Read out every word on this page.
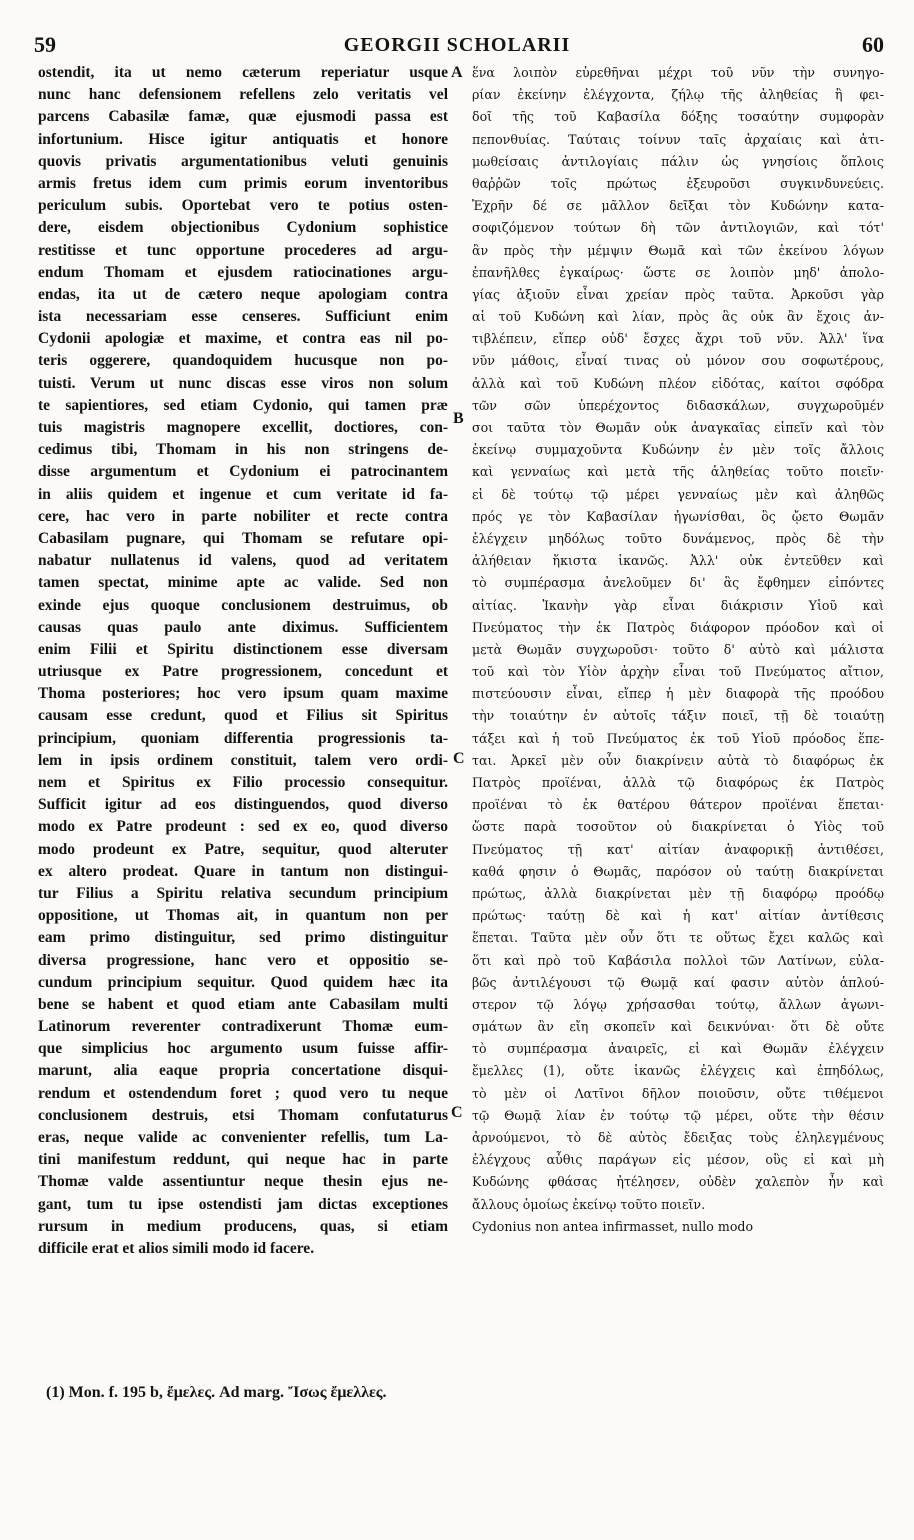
59	GEORGII SCHOLARII	60
ostendit, ita ut nemo cæterum reperiatur usque
nunc hanc defensionem refellens zelo veritatis vel
parcens Cabasilæ famæ, quæ ejusmodi passa est
infortunium. Hisce igitur antiquatis et honore
quovis privatis argumentationibus veluti genuinis
armis fretus idem cum primis eorum inventoribus
periculum subis. Oportebat vero te potius osten-
dere, eisdem objectionibus Cydonium sophistice
restitisse et tunc opportune procederes ad argu-
endum Thomam et ejusdem ratiocinationes argu-
endas, ita ut de cætero neque apologiam contra
ista necessariam esse censeres. Sufficiunt enim
Cydonii apologiæ et maxime, et contra eas nil po-
teris oggerere, quandoquidem hucusque non po-
tuisti. Verum ut nunc discas esse viros non solum
te sapientiores, sed etiam Cydonio, qui tamen præ
tuis magistris magnopere excellit, doctiores, con-
cedimus tibi, Thomam in his non stringens de-
disse argumentum et Cydonium ei patrocinantem
in aliis quidem et ingenue et cum veritate id fa-
cere, hac vero in parte nobiliter et recte contra
Cabasilam pugnare, qui Thomam se refutare opi-
nabatur nullatenus id valens, quod ad veritatem
tamen spectat, minime apte ac valide. Sed non
exinde ejus quoque conclusionem destruimus, ob
causas quas paulo ante diximus. Sufficientem
enim Filii et Spiritu distinctionem esse diversam
utriusque ex Patre progressionem, concedunt et
Thoma posteriores; hoc vero ipsum quam maxime
causam esse credunt, quod et Filius sit Spiritus
principium, quoniam differentia progressionis ta-
lem in ipsis ordinem constituit, talem vero ordi-
nem et Spiritus ex Filio processio consequitur.
Sufficit igitur ad eos distinguendos, quod diverso
modo ex Patre prodeunt : sed ex eo, quod diverso
modo prodeunt ex Patre, sequitur, quod alteruter
ex altero prodeat. Quare in tantum non distingui-
tur Filius a Spiritu relativa secundum principium
oppositione, ut Thomas ait, in quantum non per
eam primo distinguitur, sed primo distinguitur
diversa progressione, hanc vero et oppositio se-
cundum principium sequitur. Quod quidem hæc ita
bene se habent et quod etiam ante Cabasilam multi
Latinorum reverenter contradixerunt Thomæ eum-
que simplicius hoc argumento usum fuisse affir-
marunt, alia eaque propria concertatione disqui-
rendum et ostendendum foret ; quod vero tu neque
conclusionem destruis, etsi Thomam confutaturus
eras, neque valide ac convenienter refellis, tum La-
tini manifestum reddunt, qui neque hac in parte
Thomæ valde assentiuntur neque thesin ejus ne-
gant, tum tu ipse ostendisti jam dictas exceptiones
rursum in medium producens, quas, si etiam
difficile erat et alios simili modo id facere.
ἕνα λοιπὸν εὑρεθῆναι μέχρι τοῦ νῦν τὴν συνηγο-
ρίαν ἐκείνην ἐλέγχοντα, ζήλῳ τῆς ἀληθείας ἢ φει-
δοῖ τῆς τοῦ Καβασίλα δόξης τοσαύτην συμφορὰν
πεπονθυίας. Ταύταις τοίνυν ταῖς ἀρχαίαις καὶ ἀτι-
μωθείσαις ἀντιλογίαις πάλιν ὡς γνησίοις ὅπλοις
θαῤῥῶν τοῖς πρώτως ἐξευροῦσι συγκινδυνεύεις.
Ἐχρῆν δέ σε μᾶλλον δεῖξαι τὸν Κυδώνην κατα-
σοφιζόμενον τούτων δὴ τῶν ἀντιλογιῶν, καὶ τότ'
ἂν πρὸς τὴν μέμψιν Θωμᾶ καὶ τῶν ἐκείνου λόγων
ἐπανῆλθες ἐγκαίρως· ὥστε σε λοιπὸν μηδ' ἀπολο-
γίας ἀξιοῦν εἶναι χρείαν πρὸς ταῦτα. Ἀρκοῦσι γὰρ
αἱ τοῦ Κυδώνη καὶ λίαν, πρὸς ἃς οὐκ ἂν ἔχοις ἀν-
τιβλέπειν, εἴπερ οὐδ' ἔσχες ἄχρι τοῦ νῦν. Ἀλλ' ἵνα
νῦν μάθοις, εἶναί τινας οὐ μόνον σου σοφωτέρους,
ἀλλὰ καὶ τοῦ Κυδώνη πλέον εἰδότας, καίτοι σφόδρα
τῶν σῶν ὑπερέχοντος διδασκάλων, συγχωροῦμέν
σοι ταῦτα τὸν Θωμᾶν οὐκ ἀναγκαῖας εἰπεῖν καὶ τὸν
ἐκείνῳ συμμαχοῦντα Κυδώνην ἐν μὲν τοῖς ἄλλοις
καὶ γενναίως καὶ μετὰ τῆς ἀληθείας τοῦτο ποιεῖν·
εἰ δὲ τούτῳ τῷ μέρει γενναίως μὲν καὶ ἀληθῶς
πρός γε τὸν Καβασίλαν ἠγωνίσθαι, ὃς ᾤετο Θωμᾶν
ἐλέγχειν μηδόλως τοῦτο δυνάμενος, πρὸς δὲ τὴν
ἀλήθειαν ἥκιστα ἱκανῶς. Ἀλλ' οὐκ ἐντεῦθεν καὶ
τὸ συμπέρασμα ἀνελοῦμεν δι' ἃς ἔφθημεν εἰπόντες
αἰτίας. Ἱκανὴν γὰρ εἶναι διάκρισιν Υἱοῦ καὶ
Πνεύματος τὴν ἐκ Πατρὸς διάφορον πρόοδον καὶ οἱ
μετὰ Θωμᾶν συγχωροῦσι· τοῦτο δ' αὐτὸ καὶ μάλιστα
τοῦ καὶ τὸν Υἱὸν ἀρχὴν εἶναι τοῦ Πνεύματος αἴτιον,
πιστεύουσιν εἶναι, εἴπερ ἡ μὲν διαφορὰ τῆς προόδου
τὴν τοιαύτην ἐν αὐτοῖς τάξιν ποιεῖ, τῇ δὲ τοιαύτῃ
τάξει καὶ ἡ τοῦ Πνεύματος ἐκ τοῦ Υἱοῦ πρόοδος ἕπε-
ται. Ἀρκεῖ μὲν οὖν διακρίνειν αὐτὰ τὸ διαφόρως ἐκ
Πατρὸς προϊέναι, ἀλλὰ τῷ διαφόρως ἐκ Πατρὸς
προϊέναι τὸ ἐκ θατέρου θάτερον προϊέναι ἕπεται·
ὥστε παρὰ τοσοῦτον οὐ διακρίνεται ὁ Υἱὸς τοῦ
Πνεύματος τῇ κατ' αἰτίαν ἀναφορικῇ ἀντιθέσει,
καθά φησιν ὁ Θωμᾶς, παρόσον οὐ ταύτῃ διακρίνεται
πρώτως, ἀλλὰ διακρίνεται μὲν τῇ διαφόρῳ προόδῳ
πρώτως· ταύτῃ δὲ καὶ ἡ κατ' αἰτίαν ἀντίθεσις
ἕπεται. Ταῦτα μὲν οὖν ὅτι τε οὕτως ἔχει καλῶς καὶ
ὅτι καὶ πρὸ τοῦ Καβάσιλα πολλοὶ τῶν Λατίνων, εὐλα-
βῶς ἀντιλέγουσι τῷ Θωμᾷ καί φασιν αὐτὸν ἁπλού-
στερον τῷ λόγῳ χρήσασθαι τούτῳ, ἄλλων ἀγωνι-
σμάτων ἂν εἴη σκοπεῖν καὶ δεικνύναι· ὅτι δὲ οὔτε
τὸ συμπέρασμα ἀναιρεῖς, εἰ καὶ Θωμᾶν ἐλέγχειν
ἔμελλες (1), οὔτε ἱκανῶς ἐλέγχεις καὶ ἐπηδόλως,
τὸ μὲν οἱ Λατῖνοι δῆλον ποιοῦσιν, οὔτε τιθέμενοι
τῷ Θωμᾷ λίαν ἐν τούτῳ τῷ μέρει, οὔτε τὴν θέσιν
ἀρνούμενοι, τὸ δὲ αὐτὸς ἔδειξας τοὺς ἐληλεγμένους
ἐλέγχους αὖθις παράγων εἰς μέσον, οὓς εἰ καὶ μὴ
Κυδώνης φθάσας ἠτέλησεν, οὐδὲν χαλεπὸν ἦν καὶ
ἄλλους ὁμοίως ἐκείνῳ τοῦτο ποιεῖν.
Cydonius non antea infirmasset, nullo modo
A
B
C
C
(1) Mon. f. 195 b, ἔμελες. Ad marg. Ἴσως ἔμελλες.
